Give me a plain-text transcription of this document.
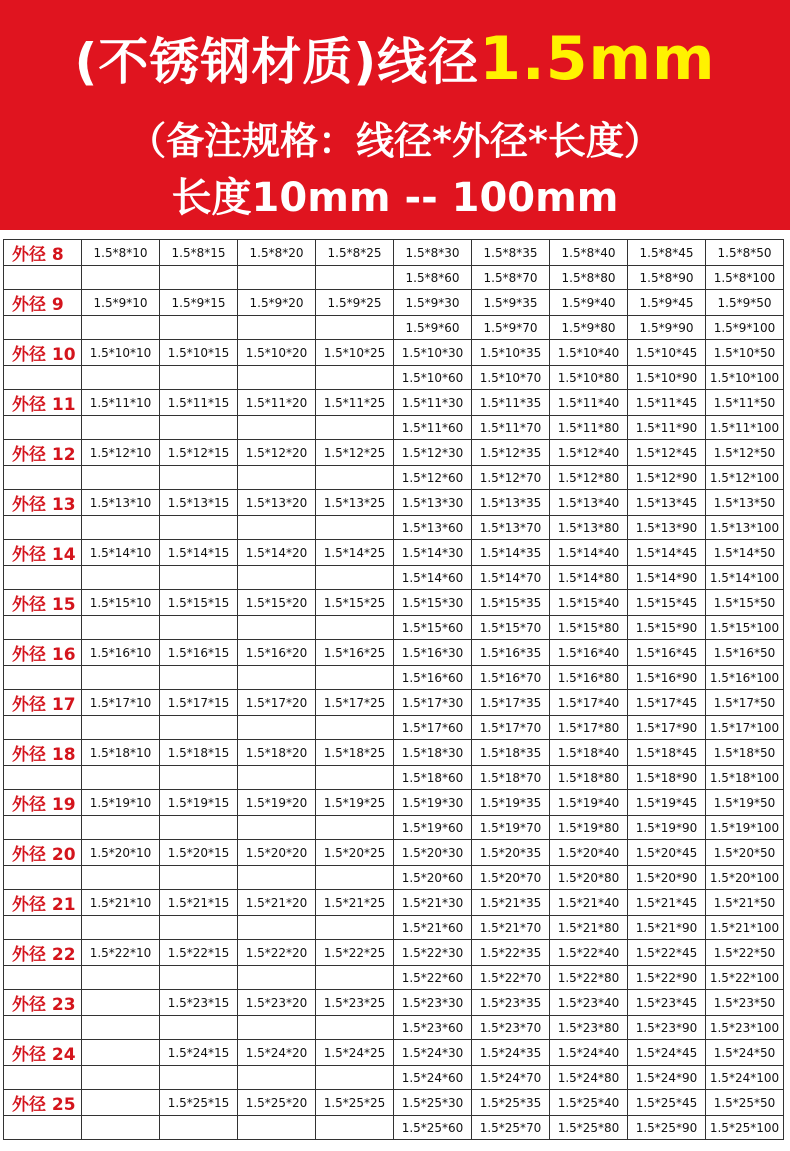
(不锈钢材质)线径1.5mm
（备注规格：线径*外径*长度）
长度10mm -- 100mm
外径 8	1.5*8*10	1.5*8*15	1.5*8*20	1.5*8*25	1.5*8*30	1.5*8*35	1.5*8*40	1.5*8*45	1.5*8*50
					1.5*8*60	1.5*8*70	1.5*8*80	1.5*8*90	1.5*8*100
外径 9	1.5*9*10	1.5*9*15	1.5*9*20	1.5*9*25	1.5*9*30	1.5*9*35	1.5*9*40	1.5*9*45	1.5*9*50
					1.5*9*60	1.5*9*70	1.5*9*80	1.5*9*90	1.5*9*100
外径 10	1.5*10*10	1.5*10*15	1.5*10*20	1.5*10*25	1.5*10*30	1.5*10*35	1.5*10*40	1.5*10*45	1.5*10*50
					1.5*10*60	1.5*10*70	1.5*10*80	1.5*10*90	1.5*10*100
外径 11	1.5*11*10	1.5*11*15	1.5*11*20	1.5*11*25	1.5*11*30	1.5*11*35	1.5*11*40	1.5*11*45	1.5*11*50
					1.5*11*60	1.5*11*70	1.5*11*80	1.5*11*90	1.5*11*100
外径 12	1.5*12*10	1.5*12*15	1.5*12*20	1.5*12*25	1.5*12*30	1.5*12*35	1.5*12*40	1.5*12*45	1.5*12*50
					1.5*12*60	1.5*12*70	1.5*12*80	1.5*12*90	1.5*12*100
外径 13	1.5*13*10	1.5*13*15	1.5*13*20	1.5*13*25	1.5*13*30	1.5*13*35	1.5*13*40	1.5*13*45	1.5*13*50
					1.5*13*60	1.5*13*70	1.5*13*80	1.5*13*90	1.5*13*100
外径 14	1.5*14*10	1.5*14*15	1.5*14*20	1.5*14*25	1.5*14*30	1.5*14*35	1.5*14*40	1.5*14*45	1.5*14*50
					1.5*14*60	1.5*14*70	1.5*14*80	1.5*14*90	1.5*14*100
外径 15	1.5*15*10	1.5*15*15	1.5*15*20	1.5*15*25	1.5*15*30	1.5*15*35	1.5*15*40	1.5*15*45	1.5*15*50
					1.5*15*60	1.5*15*70	1.5*15*80	1.5*15*90	1.5*15*100
外径 16	1.5*16*10	1.5*16*15	1.5*16*20	1.5*16*25	1.5*16*30	1.5*16*35	1.5*16*40	1.5*16*45	1.5*16*50
					1.5*16*60	1.5*16*70	1.5*16*80	1.5*16*90	1.5*16*100
外径 17	1.5*17*10	1.5*17*15	1.5*17*20	1.5*17*25	1.5*17*30	1.5*17*35	1.5*17*40	1.5*17*45	1.5*17*50
					1.5*17*60	1.5*17*70	1.5*17*80	1.5*17*90	1.5*17*100
外径 18	1.5*18*10	1.5*18*15	1.5*18*20	1.5*18*25	1.5*18*30	1.5*18*35	1.5*18*40	1.5*18*45	1.5*18*50
					1.5*18*60	1.5*18*70	1.5*18*80	1.5*18*90	1.5*18*100
外径 19	1.5*19*10	1.5*19*15	1.5*19*20	1.5*19*25	1.5*19*30	1.5*19*35	1.5*19*40	1.5*19*45	1.5*19*50
					1.5*19*60	1.5*19*70	1.5*19*80	1.5*19*90	1.5*19*100
外径 20	1.5*20*10	1.5*20*15	1.5*20*20	1.5*20*25	1.5*20*30	1.5*20*35	1.5*20*40	1.5*20*45	1.5*20*50
					1.5*20*60	1.5*20*70	1.5*20*80	1.5*20*90	1.5*20*100
外径 21	1.5*21*10	1.5*21*15	1.5*21*20	1.5*21*25	1.5*21*30	1.5*21*35	1.5*21*40	1.5*21*45	1.5*21*50
					1.5*21*60	1.5*21*70	1.5*21*80	1.5*21*90	1.5*21*100
外径 22	1.5*22*10	1.5*22*15	1.5*22*20	1.5*22*25	1.5*22*30	1.5*22*35	1.5*22*40	1.5*22*45	1.5*22*50
					1.5*22*60	1.5*22*70	1.5*22*80	1.5*22*90	1.5*22*100
外径 23		1.5*23*15	1.5*23*20	1.5*23*25	1.5*23*30	1.5*23*35	1.5*23*40	1.5*23*45	1.5*23*50
					1.5*23*60	1.5*23*70	1.5*23*80	1.5*23*90	1.5*23*100
外径 24		1.5*24*15	1.5*24*20	1.5*24*25	1.5*24*30	1.5*24*35	1.5*24*40	1.5*24*45	1.5*24*50
					1.5*24*60	1.5*24*70	1.5*24*80	1.5*24*90	1.5*24*100
外径 25		1.5*25*15	1.5*25*20	1.5*25*25	1.5*25*30	1.5*25*35	1.5*25*40	1.5*25*45	1.5*25*50
					1.5*25*60	1.5*25*70	1.5*25*80	1.5*25*90	1.5*25*100
